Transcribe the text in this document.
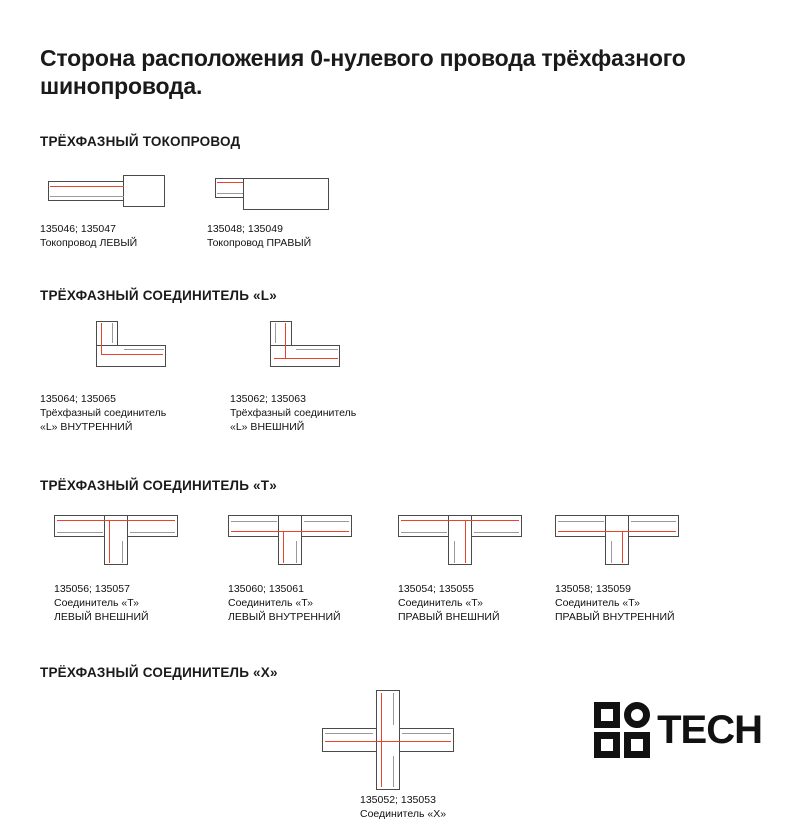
Сторона расположения 0-нулевого провода трёхфазного шинопровода.
ТРЁХФАЗНЫЙ ТОКОПРОВОД
135046; 135047
Токопровод ЛЕВЫЙ
135048; 135049
Токопровод ПРАВЫЙ
ТРЁХФАЗНЫЙ СОЕДИНИТЕЛЬ «L»
135064; 135065
Трёхфазный соединитель
«L» ВНУТРЕННИЙ
135062; 135063
Трёхфазный соединитель
«L» ВНЕШНИЙ
ТРЁХФАЗНЫЙ СОЕДИНИТЕЛЬ «Т»
135056; 135057
Соединитель «Т»
ЛЕВЫЙ ВНЕШНИЙ
135060; 135061
Соединитель «Т»
ЛЕВЫЙ ВНУТРЕННИЙ
135054; 135055
Соединитель «Т»
ПРАВЫЙ ВНЕШНИЙ
135058; 135059
Соединитель «Т»
ПРАВЫЙ ВНУТРЕННИЙ
ТРЁХФАЗНЫЙ СОЕДИНИТЕЛЬ «Х»
135052; 135053
Соединитель «Х»
TECH
